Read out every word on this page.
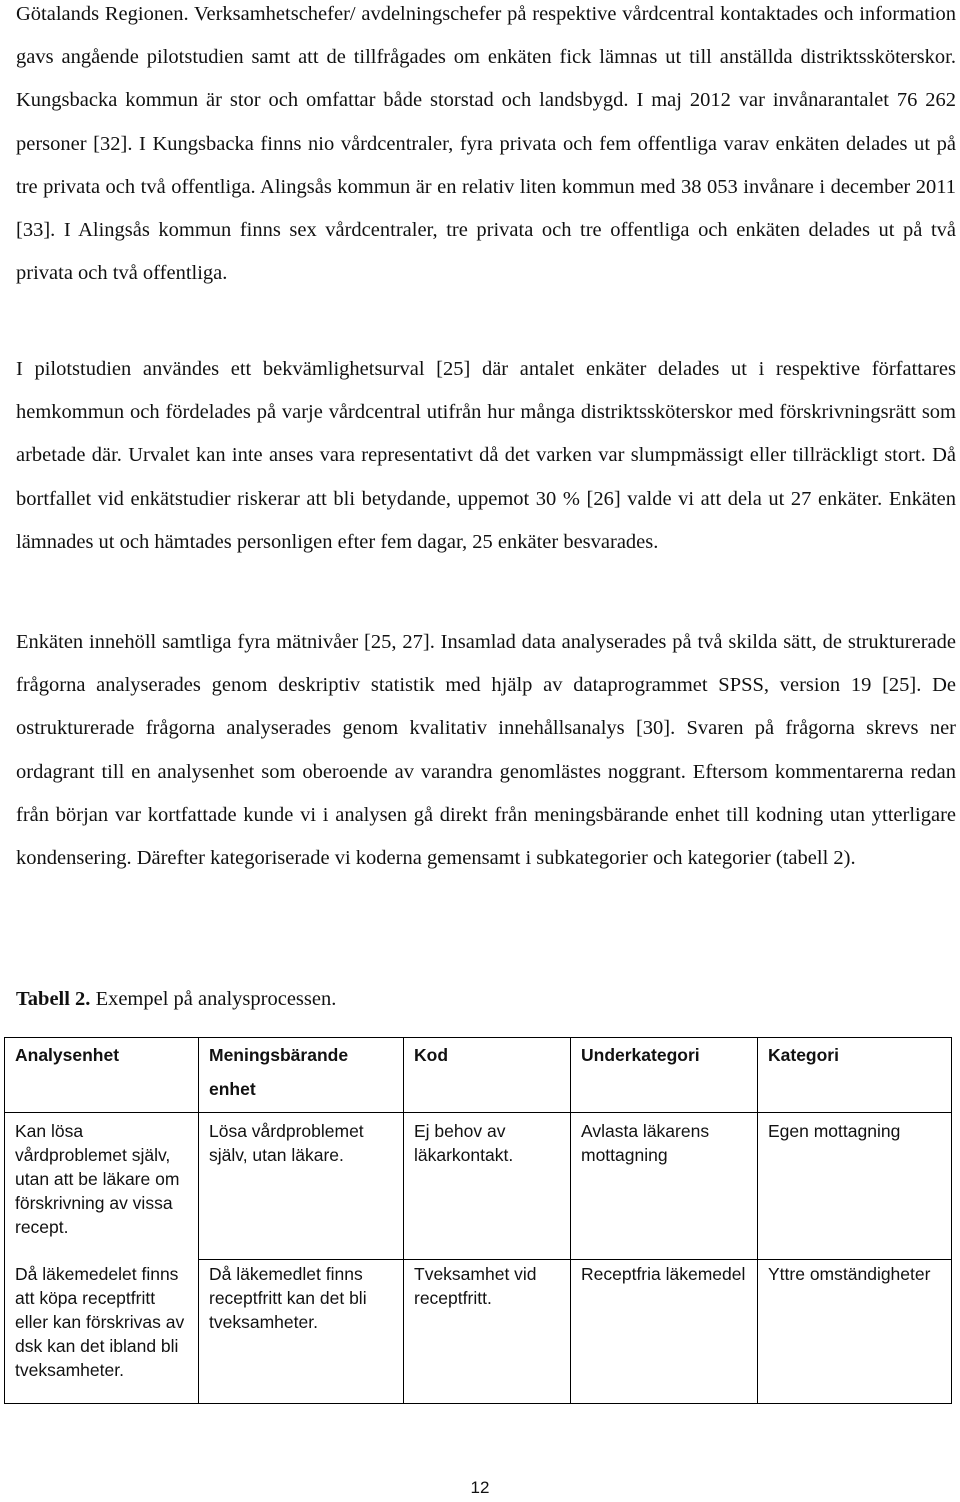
Götalands Regionen. Verksamhetschefer/ avdelningschefer på respektive vårdcentral kontaktades och information gavs angående pilotstudien samt att de tillfrågades om enkäten fick lämnas ut till anställda distriktssköterskor. Kungsbacka kommun är stor och omfattar både storstad och landsbygd. I maj 2012 var invånarantalet 76 262 personer [32]. I Kungsbacka finns nio vårdcentraler, fyra privata och fem offentliga varav enkäten delades ut på tre privata och två offentliga. Alingsås kommun är en relativ liten kommun med 38 053 invånare i december 2011 [33]. I Alingsås kommun finns sex vårdcentraler, tre privata och tre offentliga och enkäten delades ut på två privata och två offentliga.

I pilotstudien användes ett bekvämlighetsurval [25] där antalet enkäter delades ut i respektive författares hemkommun och fördelades på varje vårdcentral utifrån hur många distriktssköterskor med förskrivningsrätt som arbetade där. Urvalet kan inte anses vara representativt då det varken var slumpmässigt eller tillräckligt stort. Då bortfallet vid enkätstudier riskerar att bli betydande, uppemot 30 % [26] valde vi att dela ut 27 enkäter. Enkäten lämnades ut och hämtades personligen efter fem dagar, 25 enkäter besvarades.

Enkäten innehöll samtliga fyra mätnivåer [25, 27]. Insamlad data analyserades på två skilda sätt, de strukturerade frågorna analyserades genom deskriptiv statistik med hjälp av dataprogrammet SPSS, version 19 [25]. De ostrukturerade frågorna analyserades genom kvalitativ innehållsanalys [30]. Svaren på frågorna skrevs ner ordagrant till en analysenhet som oberoende av varandra genomlästes noggrant. Eftersom kommentarerna redan från början var kortfattade kunde vi i analysen gå direkt från meningsbärande enhet till kodning utan ytterligare kondensering. Därefter kategoriserade vi koderna gemensamt i subkategorier och kategorier (tabell 2).

Tabell 2. Exempel på analysprocessen.

Analysenhet	Meningsbärande enhet	Kod	Underkategori	Kategori
Kan lösa vårdproblemet själv, utan att be läkare om förskrivning av vissa recept.	Lösa vårdproblemet själv, utan läkare.	Ej behov av läkarkontakt.	Avlasta läkarens mottagning	Egen mottagning
Då läkemedelet finns att köpa receptfritt eller kan förskrivas av dsk kan det ibland bli tveksamheter.	Då läkemedlet finns receptfritt kan det bli tveksamheter.	Tveksamhet vid receptfritt.	Receptfria läkemedel	Yttre omständigheter
12
